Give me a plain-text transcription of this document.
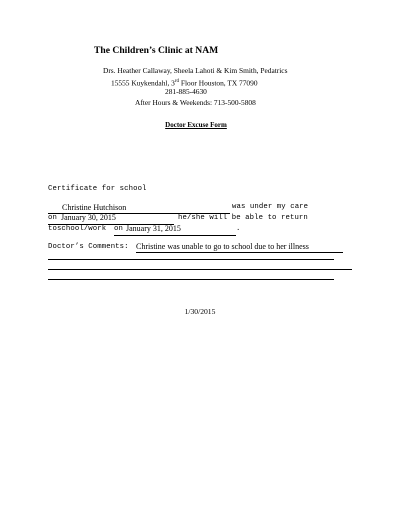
The Children’s Clinic at NAM
Drs. Heather Callaway, Sheela Lahoti & Kim Smith, Pedatrics
15555 Kuykendahl, 3rd Floor Houston, TX 77090
281-885-4630
After Hours & Weekends: 713-500-5808
Doctor Excuse Form
Certificate for school
Christine Hutchison	was under my care
on January 30, 2015	he/she will be able to return
toschool/work on January 31, 2015	.
Doctor’s Comments: Christine was unable to go to school due to her illness
1/30/2015
